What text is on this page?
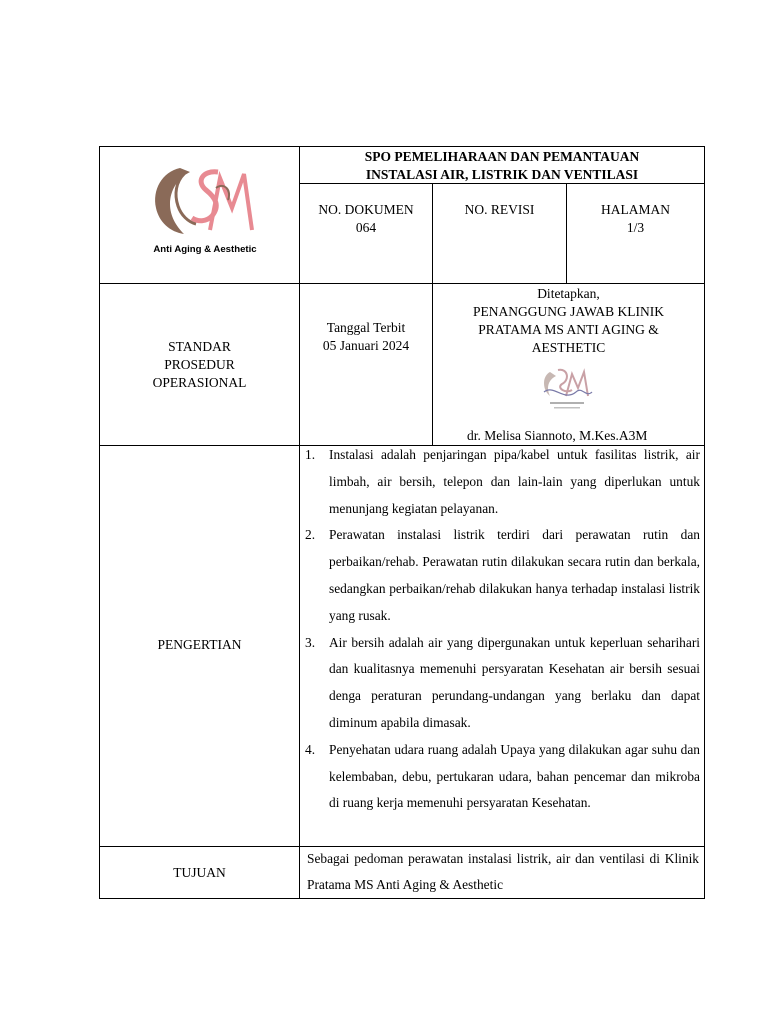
Anti Aging & Aesthetic
SPO PEMELIHARAAN DAN PEMANTAUAN
INSTALASI AIR, LISTRIK DAN VENTILASI
NO. DOKUMEN
064
NO. REVISI	HALAMAN
1/3
STANDAR
PROSEDUR
OPERASIONAL
Tanggal Terbit
05 Januari 2024
Ditetapkan,
PENANGGUNG JAWAB KLINIK
PRATAMA MS ANTI AGING &
AESTHETIC
dr. Melisa Siannoto, M.Kes.A3M
PENGERTIAN
1. Instalasi adalah penjaringan pipa/kabel untuk fasilitas listrik, air limbah, air bersih, telepon dan lain-lain yang diperlukan untuk menunjang kegiatan pelayanan.
2. Perawatan instalasi listrik terdiri dari perawatan rutin dan perbaikan/rehab. Perawatan rutin dilakukan secara rutin dan berkala, sedangkan perbaikan/rehab dilakukan hanya terhadap instalasi listrik yang rusak.
3. Air bersih adalah air yang dipergunakan untuk keperluan seharihari dan kualitasnya memenuhi persyaratan Kesehatan air bersih sesuai denga peraturan perundang-undangan yang berlaku dan dapat diminum apabila dimasak.
4. Penyehatan udara ruang adalah Upaya yang dilakukan agar suhu dan kelembaban, debu, pertukaran udara, bahan pencemar dan mikroba di ruang kerja memenuhi persyaratan Kesehatan.
TUJUAN
Sebagai pedoman perawatan instalasi listrik, air dan ventilasi di Klinik Pratama MS Anti Aging & Aesthetic
